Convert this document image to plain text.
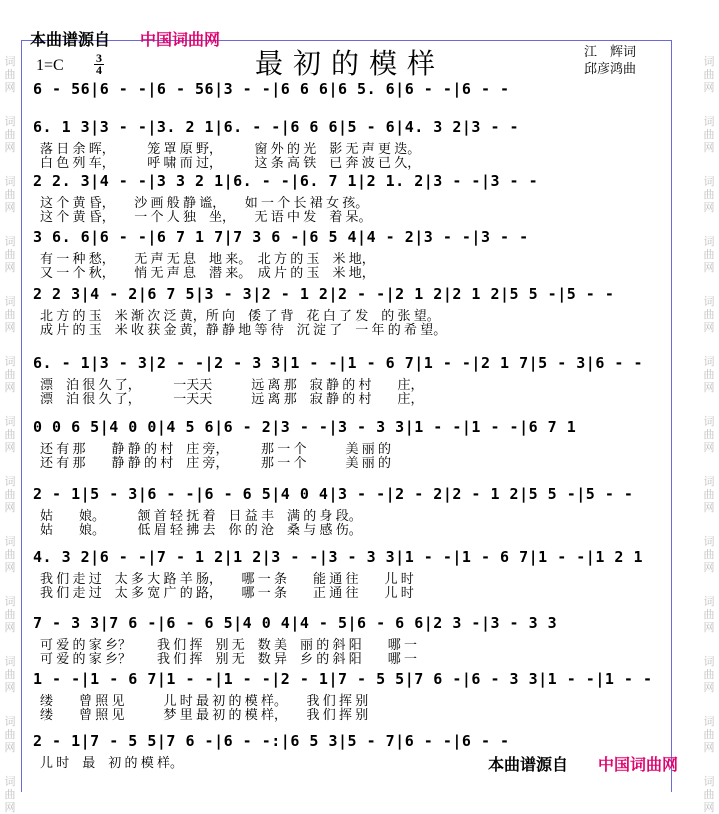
词
曲
网
词
曲
网
词
曲
网
词
曲
网
词
曲
网
词
曲
网
词
曲
网
词
曲
网
词
曲
网
词
曲
网
词
曲
网
词
曲
网
词
曲
网
词
曲
网
词
曲
网
词
曲
网
词
曲
网
词
曲
网
词
曲
网
词
曲
网
词
曲
网
词
曲
网
词
曲
网
词
曲
网
词
曲
网
词
曲
网
本曲谱源自 中国词曲网
最初的模样	江　辉词
邱彦鸿曲
1=C	3
4
6 - 56|6 - -|6 - 56|3 - -|6 6 6|6 5. 6|6 - -|6 - -
6. 1 3|3 - -|3. 2 1|6. - -|6 6 6|5 - 6|4. 3 2|3 - -
落 日 余 晖，　　　笼 罩 原 野，　　　窗 外 的 光　影 无 声 更 迭。
白 色 列 车，　　　呼 啸 而 过，　　　这 条 高 铁　已 奔 波 已 久，
2 2. 3|4 - -|3 3 2 1|6. - -|6. 7 1|2 1. 2|3 - -|3 - -
这 个 黄 昏，　　沙 画 般 静 谧，　　如 一 个 长 裙 女 孩。
这 个 黄 昏，　　一 个 人 独　坐，　　无 语 中 发　着 呆。
3 6. 6|6 - -|6 7 1 7|7 3 6 -|6 5 4|4 - 2|3 - -|3 - -
有 一 种 愁，　　无 声 无 息　地 来。　北 方 的 玉　米 地，
又 一 个 秋，　　悄 无 声 息　潜 来。　成 片 的 玉　米 地，
2 2 3|4 - 2|6 7 5|3 - 3|2 - 1 2|2 - -|2 1 2|2 1 2|5 5 -|5 - -
北 方 的 玉　米 渐 次 泛 黄，所 向　倭 了 背　花 白 了 发　的 张 望。
成 片 的 玉　米 收 获 金 黄，静 静 地 等 待　沉 淀 了　一 年 的 希 望。
6. - 1|3 - 3|2 - -|2 - 3 3|1 - -|1 - 6 7|1 - -|2 1 7|5 - 3|6 - -
漂　泊 很 久 了，　　　一天天　　　远 离 那　寂 静 的 村　　庄，
漂　泊 很 久 了，　　　一天天　　　远 离 那　寂 静 的 村　　庄，
0 0 6 5|4 0 0|4 5 6|6 - 2|3 - -|3 - 3 3|1 - -|1 - -|6 7 1
还 有 那　　静 静 的 村　庄 旁，　　　那 一 个　　　美 丽 的
还 有 那　　静 静 的 村　庄 旁，　　　那 一 个　　　美 丽 的
2 - 1|5 - 3|6 - -|6 - 6 5|4 0 4|3 - -|2 - 2|2 - 1 2|5 5 -|5 - -
姑　　娘。　　　颔 首 轻 抚 着　日 益 丰　满 的 身 段。
姑　　娘。　　　低 眉 轻 拂 去　你 的 沧　桑 与 感 伤。
4. 3 2|6 - -|7 - 1 2|1 2|3 - -|3 - 3 3|1 - -|1 - 6 7|1 - -|1 2 1
我 们 走 过　太 多 大 路 羊 肠，　　哪 一 条　　能 通 往　　儿 时
我 们 走 过　太 多 宽 广 的 路，　　哪 一 条　　正 通 往　　儿 时
7 - 3 3|7 6 -|6 - 6 5|4 0 4|4 - 5|6 - 6 6|2 3 -|3 - 3 3
可 爱 的 家 乡？　　我 们 挥　别 无　数 美　丽 的 斜 阳　　哪 一
可 爱 的 家 乡？　　我 们 挥　别 无　数 异　乡 的 斜 阳　　哪 一
1 - -|1 - 6 7|1 - -|1 - -|2 - 1|7 - 5 5|7 6 -|6 - 3 3|1 - -|1 - -
缕　　曾 照 见　　　儿 时 最 初 的 模 样。　　我 们 挥 别
缕　　曾 照 见　　　梦 里 最 初 的 模 样，　　我 们 挥 别
2 - 1|7 - 5 5|7 6 -|6 - -:|6 5 3|5 - 7|6 - -|6 - -
儿 时　最　初 的 模 样。	本曲谱源自 中国词曲网
